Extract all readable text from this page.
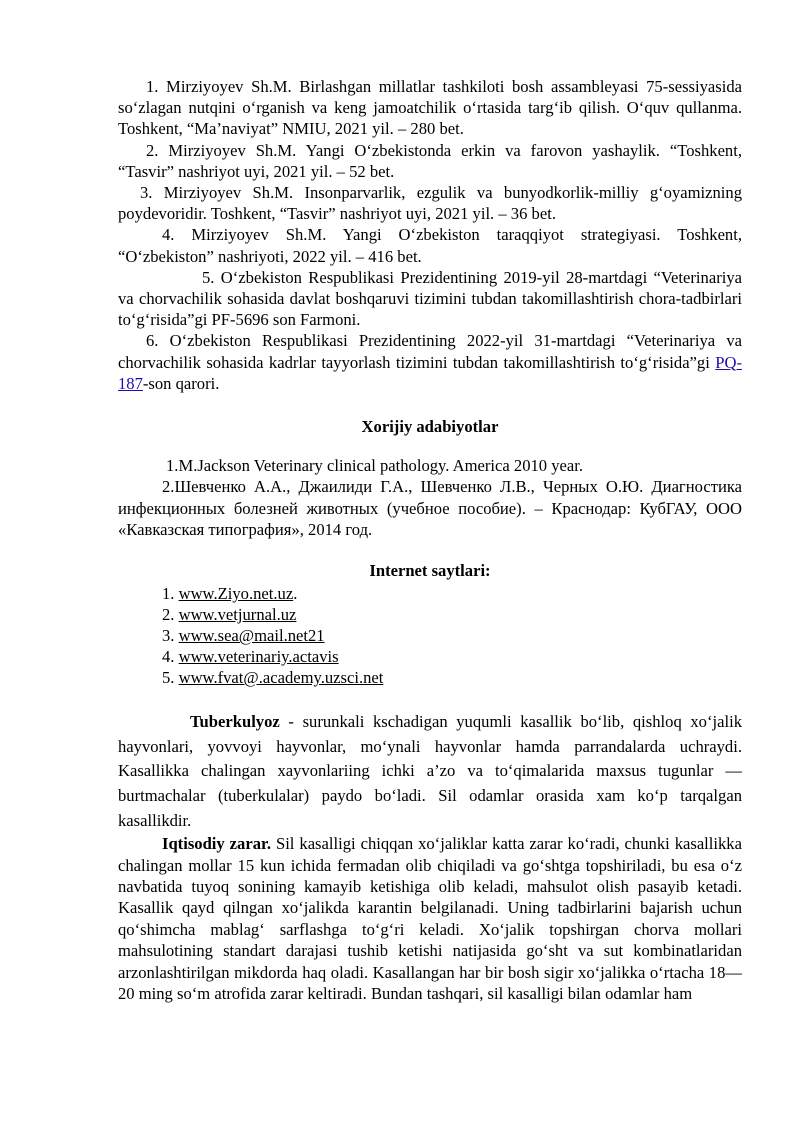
1. Mirziyoyev Sh.M. Birlashgan millatlar tashkiloti bosh assambleyasi 75-sessiyasida so‘zlagan nutqini o‘rganish va keng jamoatchilik o‘rtasida targ‘ib qilish. O‘quv qullanma. Toshkent, “Ma’naviyat” NMIU, 2021 yil. – 280 bet.

2. Mirziyoyev Sh.M. Yangi O‘zbekistonda erkin va farovon yashaylik. “Toshkent, “Tasvir” nashriyot uyi, 2021 yil. – 52 bet.

3. Mirziyoyev Sh.M. Insonparvarlik, ezgulik va bunyodkorlik-milliy g‘oyamizning poydevoridir. Toshkent, “Tasvir” nashriyot uyi, 2021 yil. – 36 bet.

4. Mirziyoyev Sh.M. Yangi O‘zbekiston taraqqiyot strategiyasi. Toshkent, “O‘zbekiston” nashriyoti, 2022 yil. – 416 bet.

5. O‘zbekiston Respublikasi Prezidentining 2019-yil 28-martdagi “Veterinariya va chorvachilik sohasida davlat boshqaruvi tizimini tubdan takomillashtirish chora-tadbirlari to‘g‘risida”gi PF-5696 son Farmoni.

6. O‘zbekiston Respublikasi Prezidentining 2022-yil 31-martdagi “Veterinariya va chorvachilik sohasida kadrlar tayyorlash tizimini tubdan takomillashtirish to‘g‘risida”gi PQ-187-son qarori.

Xorijiy adabiyotlar

1.M.Jackson Veterinary clinical pathology. America 2010 year.

2.Шевченко А.А., Джаилиди Г.А., Шевченко Л.В., Черных О.Ю. Диагностика инфекционных болезней животных (учебное пособие). – Краснодар: КубГАУ, ООО «Кавказская типография», 2014 год.

Internet saytlari:

1. www.Ziyo.net.uz.
2. www.vetjurnal.uz
3. www.sea@mail.net21
4. www.veterinariy.actavis
5. www.fvat@.academy.uzsci.net

Tuberkulyoz - surunkali kschadigan yuqumli kasallik bo‘lib, qishloq xo‘jalik hayvonlari, yovvoyi hayvonlar, mo‘ynali hayvonlar hamda parrandalarda uchraydi. Kasallikka chalingan xayvonlariing ichki a’zo va to‘qimalarida maxsus tugunlar — burtmachalar (tuberkulalar) paydo bo‘ladi. Sil odamlar orasida xam ko‘p tarqalgan kasallikdir.

Iqtisodiy zarar. Sil kasalligi chiqqan xo‘jaliklar katta zarar ko‘radi, chunki kasallikka chalingan mollar 15 kun ichida fermadan olib chiqiladi va go‘shtga topshiriladi, bu esa o‘z navbatida tuyoq sonining kamayib ketishiga olib keladi, mahsulot olish pasayib ketadi. Kasallik qayd qilngan xo‘jalikda karantin belgilanadi. Uning tadbirlarini bajarish uchun qo‘shimcha mablag‘ sarflashga to‘g‘ri keladi. Xo‘jalik topshirgan chorva mollari mahsulotining standart darajasi tushib ketishi natijasida go‘sht va sut kombinatlaridan arzonlashtirilgan mikdorda haq oladi. Kasallangan har bir bosh sigir xo‘jalikka o‘rtacha 18—20 ming so‘m atrofida zarar keltiradi. Bundan tashqari, sil kasalligi bilan odamlar ham
